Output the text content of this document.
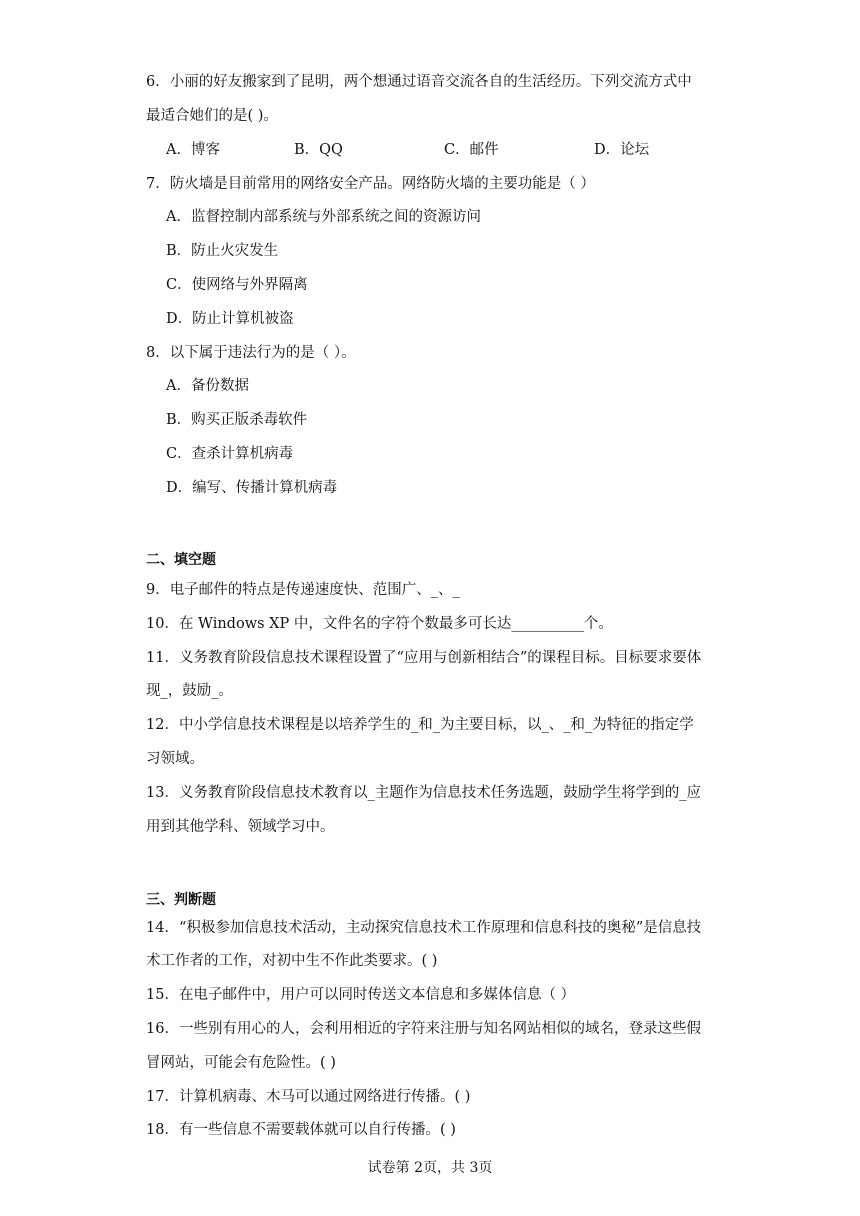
6．小丽的好友搬家到了昆明，两个想通过语音交流各自的生活经历。下列交流方式中
最适合她们的是( )。
A．博客	B．QQ	C．邮件	D．论坛
7．防火墙是目前常用的网络安全产品。网络防火墙的主要功能是（ ）
A．监督控制内部系统与外部系统之间的资源访问
B．防止火灾发生
C．使网络与外界隔离
D．防止计算机被盗
8．以下属于违法行为的是（ ）。
A．备份数据
B．购买正版杀毒软件
C．查杀计算机病毒
D．编写、传播计算机病毒
二、填空题
9．电子邮件的特点是传递速度快、范围广、_、_
10．在 Windows XP 中，文件名的字符个数最多可长达__________个。
11．义务教育阶段信息技术课程设置了“应用与创新相结合”的课程目标。目标要求要体
现_，鼓励_。
12．中小学信息技术课程是以培养学生的_和_为主要目标，以_、_和_为特征的指定学
习领域。
13．义务教育阶段信息技术教育以_主题作为信息技术任务选题，鼓励学生将学到的_应
用到其他学科、领域学习中。
三、判断题
14．“积极参加信息技术活动，主动探究信息技术工作原理和信息科技的奥秘”是信息技
术工作者的工作，对初中生不作此类要求。( )
15．在电子邮件中，用户可以同时传送文本信息和多媒体信息（ ）
16．一些别有用心的人，会利用相近的字符来注册与知名网站相似的域名，登录这些假
冒网站，可能会有危险性。( )
17．计算机病毒、木马可以通过网络进行传播。( )
18．有一些信息不需要载体就可以自行传播。( )
试卷第 2页，共 3页
